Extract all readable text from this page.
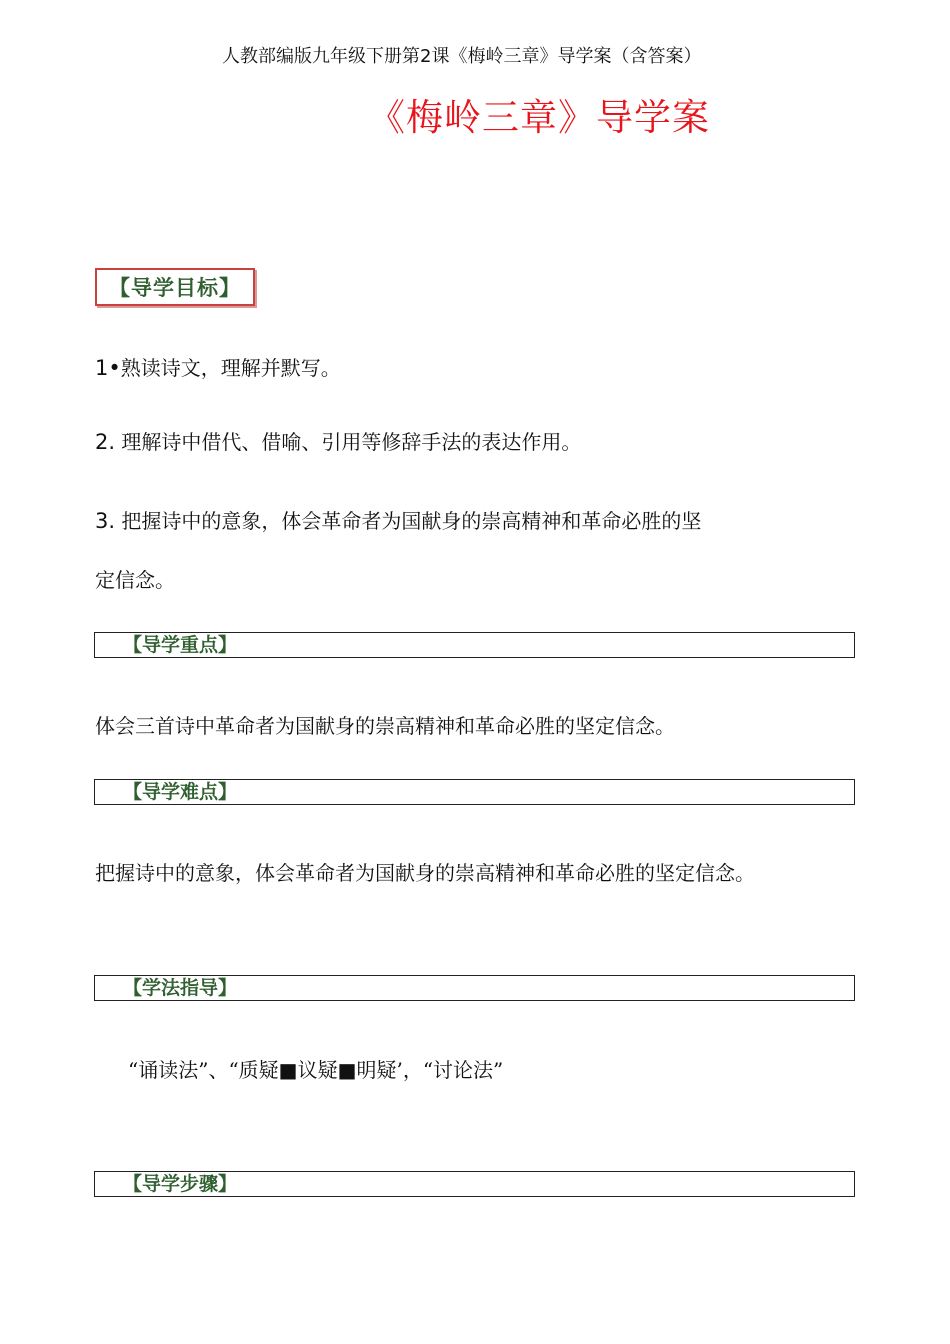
人教部编版九年级下册第2课《梅岭三章》导学案（含答案）
《梅岭三章》导学案
【导学目标】
1•熟读诗文，理解并默写。
2. 理解诗中借代、借喻、引用等修辞手法的表达作用。
3. 把握诗中的意象，体会革命者为国献身的崇高精神和革命必胜的坚
定信念。
【导学重点】
体会三首诗中革命者为国献身的崇高精神和革命必胜的坚定信念。
【导学难点】
把握诗中的意象，体会革命者为国献身的崇高精神和革命必胜的坚定信念。
【学法指导】
“诵读法”、“质疑■议疑■明疑’，“讨论法”
【导学步骤】
